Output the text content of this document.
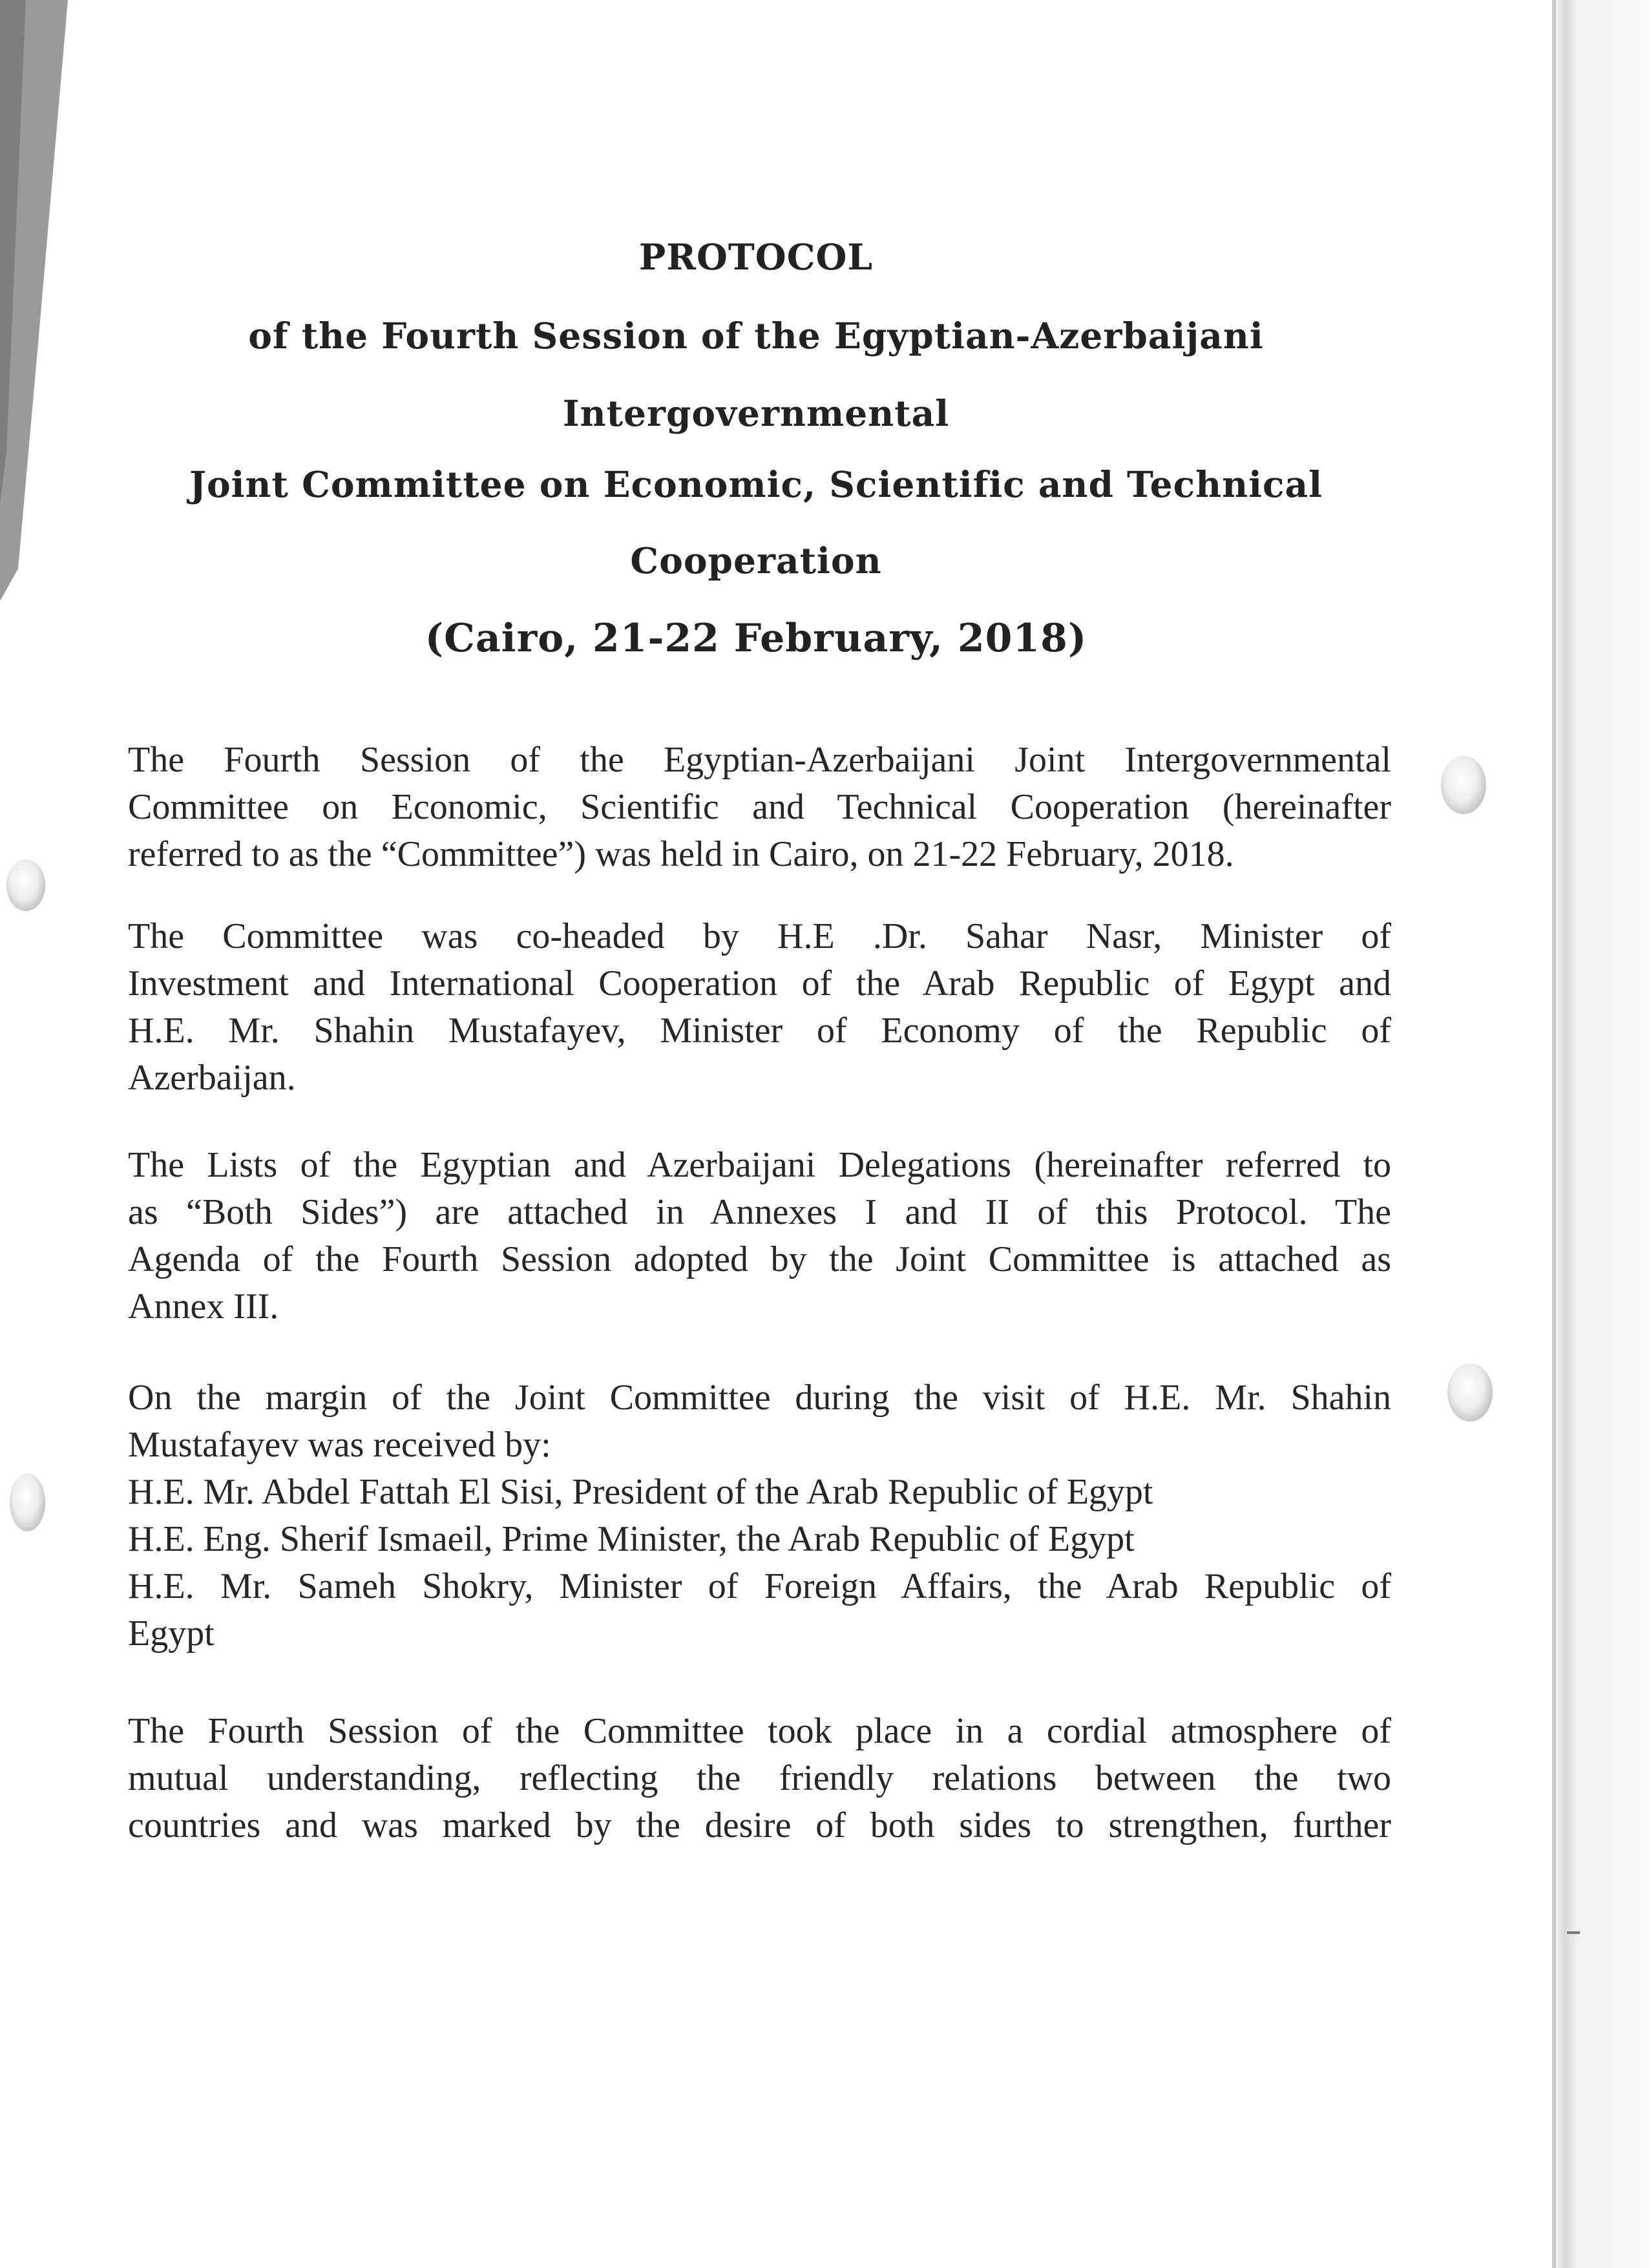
PROTOCOL
of the Fourth Session of the Egyptian-Azerbaijani
Intergovernmental
Joint Committee on Economic, Scientific and Technical
Cooperation
(Cairo, 21-22 February, 2018)
The Fourth Session of the Egyptian-Azerbaijani Joint Intergovernmental
Committee on Economic, Scientific and Technical Cooperation (hereinafter
referred to as the “Committee”) was held in Cairo, on 21-22 February, 2018.
The Committee was co-headed by H.E .Dr. Sahar Nasr, Minister of
Investment and International Cooperation of the Arab Republic of Egypt and
H.E. Mr. Shahin Mustafayev, Minister of Economy of the Republic of
Azerbaijan.
The Lists of the Egyptian and Azerbaijani Delegations (hereinafter referred to
as “Both Sides”) are attached in Annexes I and II of this Protocol. The
Agenda of the Fourth Session adopted by the Joint Committee is attached as
Annex III.
On the margin of the Joint Committee during the visit of H.E. Mr. Shahin
Mustafayev was received by:
H.E. Mr. Abdel Fattah El Sisi, President of the Arab Republic of Egypt
H.E. Eng. Sherif Ismaeil, Prime Minister, the Arab Republic of Egypt
H.E. Mr. Sameh Shokry, Minister of Foreign Affairs, the Arab Republic of
Egypt
The Fourth Session of the Committee took place in a cordial atmosphere of
mutual understanding, reflecting the friendly relations between the two
countries and was marked by the desire of both sides to strengthen, further
